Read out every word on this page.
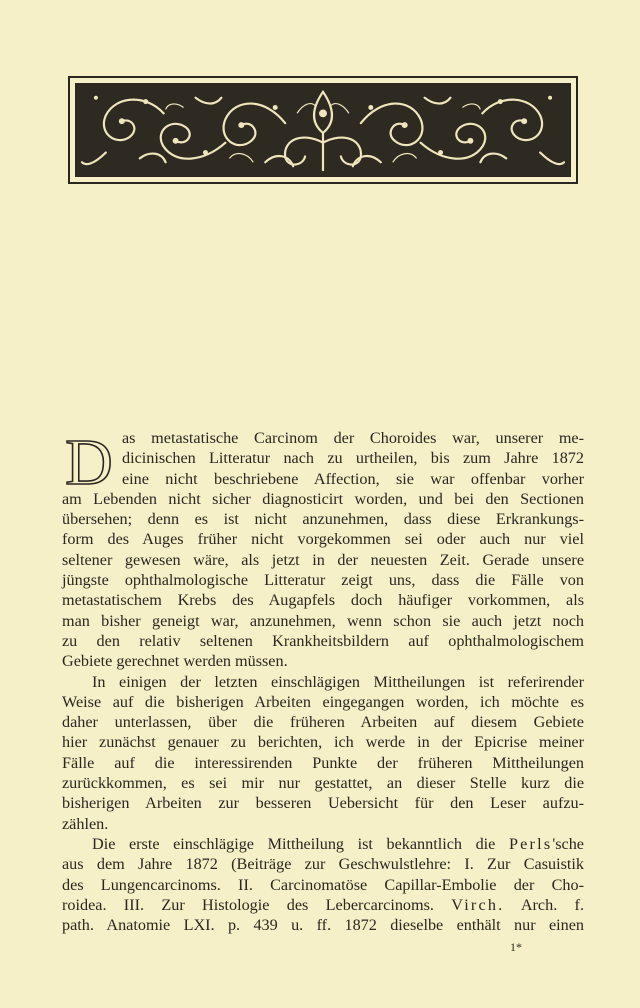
D as metastatische Carcinom der Choroides war, unserer me-
dicinischen Litteratur nach zu urtheilen, bis zum Jahre 1872
eine nicht beschriebene Affection, sie war offenbar vorher
am Lebenden nicht sicher diagnosticirt worden, und bei den Sectionen
übersehen; denn es ist nicht anzunehmen, dass diese Erkrankungs-
form des Auges früher nicht vorgekommen sei oder auch nur viel
seltener gewesen wäre, als jetzt in der neuesten Zeit. Gerade unsere
jüngste ophthalmologische Litteratur zeigt uns, dass die Fälle von
metastatischem Krebs des Augapfels doch häufiger vorkommen, als
man bisher geneigt war, anzunehmen, wenn schon sie auch jetzt noch
zu den relativ seltenen Krankheitsbildern auf ophthalmologischem
Gebiete gerechnet werden müssen.
In einigen der letzten einschlägigen Mittheilungen ist referirender
Weise auf die bisherigen Arbeiten eingegangen worden, ich möchte es
daher unterlassen, über die früheren Arbeiten auf diesem Gebiete
hier zunächst genauer zu berichten, ich werde in der Epicrise meiner
Fälle auf die interessirenden Punkte der früheren Mittheilungen
zurückkommen, es sei mir nur gestattet, an dieser Stelle kurz die
bisherigen Arbeiten zur besseren Uebersicht für den Leser aufzu-
zählen.
Die erste einschlägige Mittheilung ist bekanntlich die Perls'sche
aus dem Jahre 1872 (Beiträge zur Geschwulstlehre: I. Zur Casuistik
des Lungencarcinoms. II. Carcinomatöse Capillar-Embolie der Cho-
roidea. III. Zur Histologie des Lebercarcinoms. Virch. Arch. f.
path. Anatomie LXI. p. 439 u. ff. 1872 dieselbe enthält nur einen
1*
